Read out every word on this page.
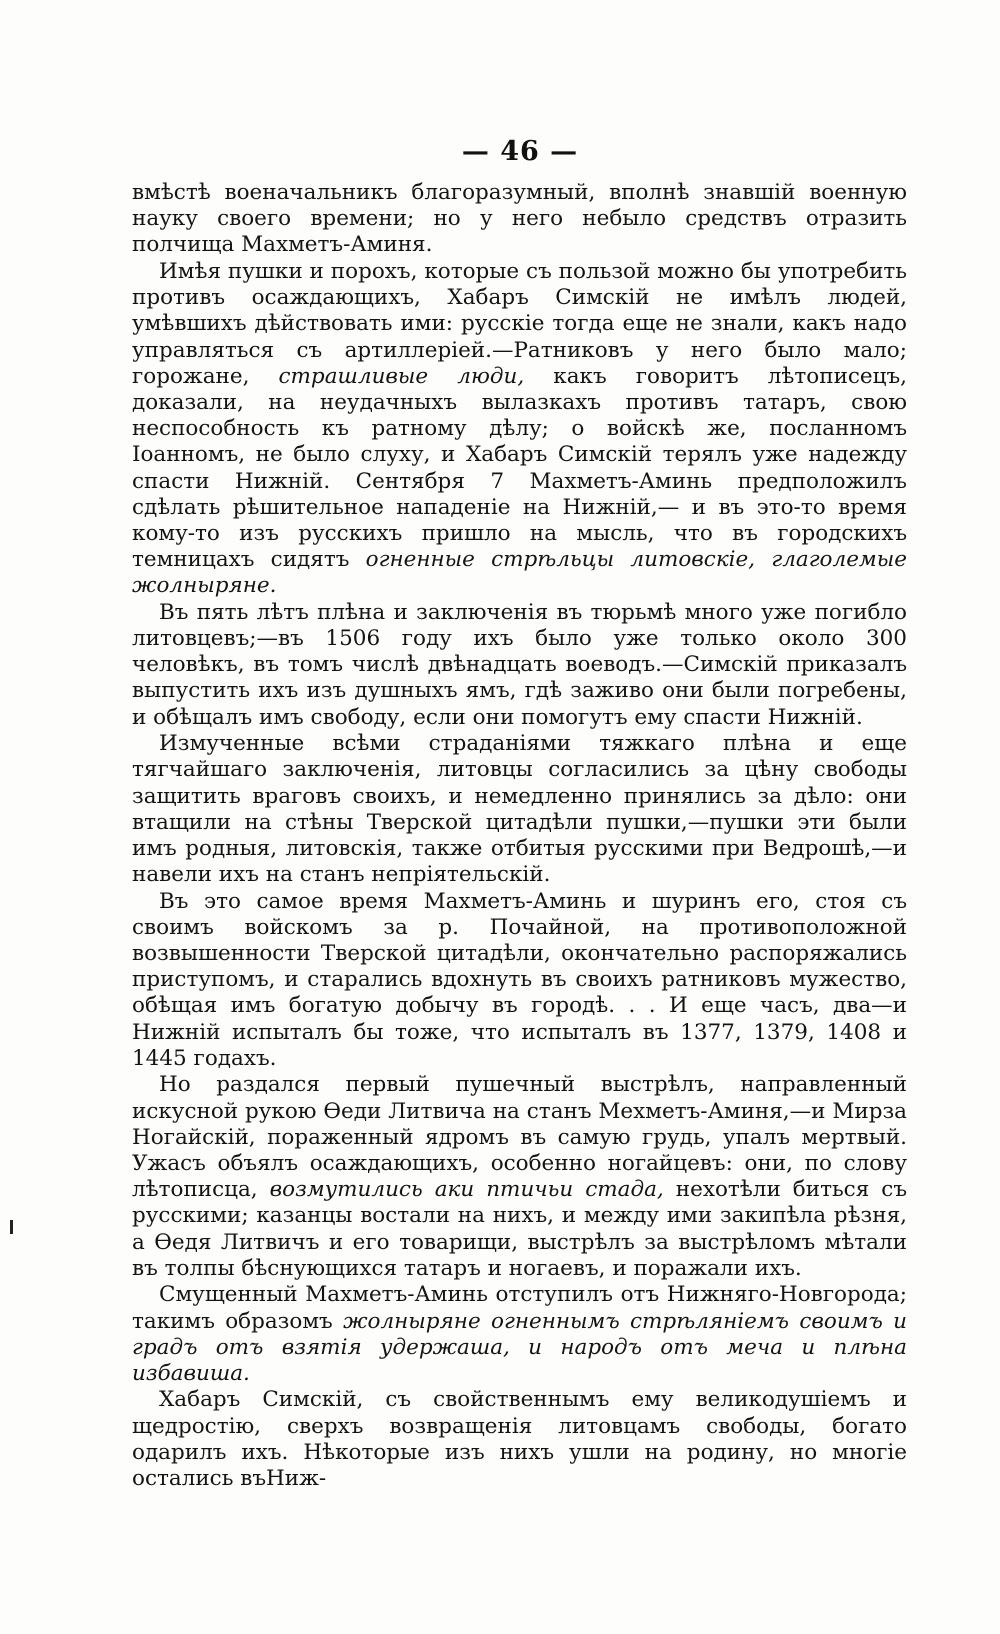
— 46 —

вмѣстѣ военачальникъ благоразумный, вполнѣ знавшій военную науку своего времени; но у него небыло средствъ отразить полчища Махметъ-Аминя.

Имѣя пушки и порохъ, которые съ пользой можно бы употребить противъ осаждающихъ, Хабаръ Симскій не имѣлъ людей, умѣвшихъ дѣйствовать ими: русскіе тогда еще не знали, какъ надо управляться съ артиллеріей.—Ратниковъ у него было мало; горожане, страшливые люди, какъ говоритъ лѣтописецъ, доказали, на неудачныхъ вылазкахъ противъ татаръ, свою неспособность къ ратному дѣлу; о войскѣ же, посланномъ Іоанномъ, не было слуху, и Хабаръ Симскій терялъ уже надежду спасти Нижній. Сентября 7 Махметъ-Аминь предположилъ сдѣлать рѣшительное нападеніе на Нижній,— и въ это-то время кому-то изъ русскихъ пришло на мысль, что въ городскихъ темницахъ сидятъ огненные стрѣльцы литовскіе, глаголемые жолныряне.

Въ пять лѣтъ плѣна и заключенія въ тюрьмѣ много уже погибло литовцевъ;—въ 1506 году ихъ было уже только около 300 человѣкъ, въ томъ числѣ двѣнадцать воеводъ.—Симскій приказалъ выпустить ихъ изъ душныхъ ямъ, гдѣ заживо они были погребены, и обѣщалъ имъ свободу, если они помогутъ ему спасти Нижній.

Измученные всѣми страданіями тяжкаго плѣна и еще тягчайшаго заключенія, литовцы согласились за цѣну свободы защитить враговъ своихъ, и немедленно принялись за дѣло: они втащили на стѣны Тверской цитадѣли пушки,—пушки эти были имъ родныя, литовскія, также отбитыя русскими при Ведрошѣ,—и навели ихъ на станъ непріятельскій.

Въ это самое время Махметъ-Аминь и шуринъ его, стоя съ своимъ войскомъ за р. Почайной, на противоположной возвышенности Тверской цитадѣли, окончательно распоряжались приступомъ, и старались вдохнуть въ своихъ ратниковъ мужество, обѣщая имъ богатую добычу въ городѣ. . . И еще часъ, два—и Нижній испыталъ бы тоже, что испыталъ въ 1377, 1379, 1408 и 1445 годахъ.

Но раздался первый пушечный выстрѣлъ, направленный искусной рукою Ѳеди Литвича на станъ Мехметъ-Аминя,—и Мирза Ногайскій, пораженный ядромъ въ самую грудь, упалъ мертвый. Ужасъ объялъ осаждающихъ, особенно ногайцевъ: они, по слову лѣтописца, возмутились аки птичьи стада, нехотѣли биться съ русскими; казанцы востали на нихъ, и между ими закипѣла рѣзня, а Ѳедя Литвичъ и его товарищи, выстрѣлъ за выстрѣломъ мѣтали въ толпы бѣснующихся татаръ и ногаевъ, и поражали ихъ.

Смущенный Махметъ-Аминь отступилъ отъ Нижняго-Новгорода; такимъ образомъ жолныряне огненнымъ стрѣлянiемъ своимъ и градъ отъ взятія удержаша, и народъ отъ меча и плѣна избавиша.

Хабаръ Симскій, съ свойственнымъ ему великодушіемъ и щедростію, сверхъ возвращенія литовцамъ свободы, богато одарилъ ихъ. Нѣкоторые изъ нихъ ушли на родину, но многіе остались въНиж-
